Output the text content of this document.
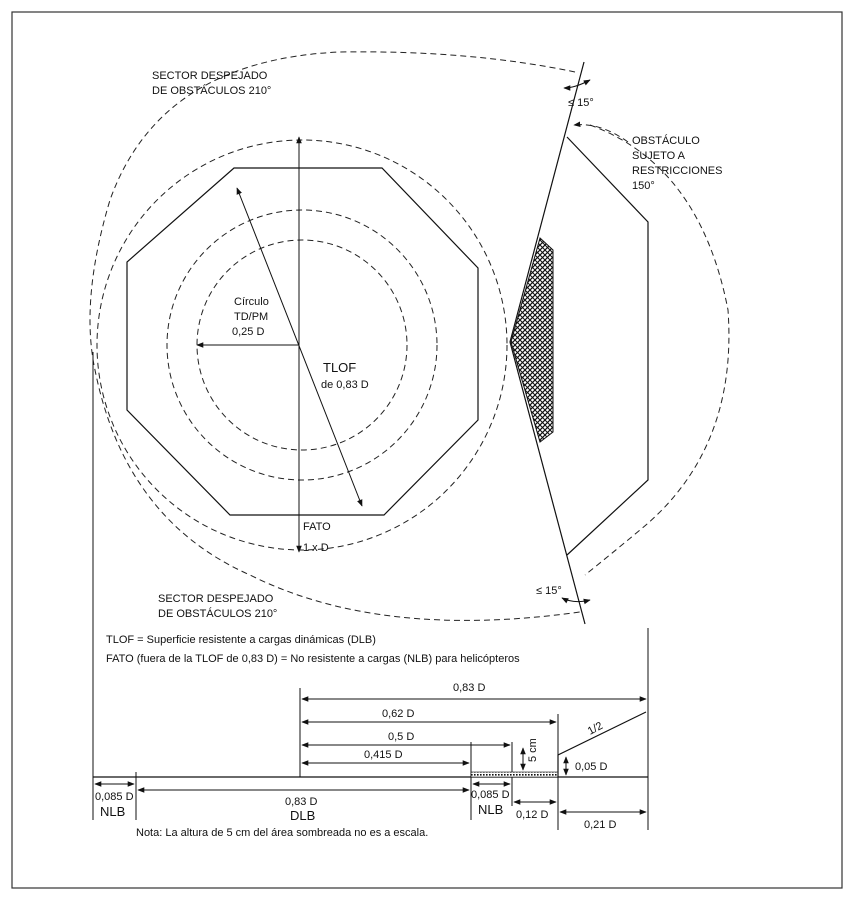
SECTOR DESPEJADO
DE OBSTÁCULOS 210°
≤ 15°
OBSTÁCULO
SUJETO A
RESTRICCIONES
150°
Círculo
TD/PM
0,25 D
TLOF
de 0,83 D
FATO
1 x D
SECTOR DESPEJADO
DE OBSTÁCULOS 210°
≤ 15°
TLOF = Superficie resistente a cargas dinámicas (DLB)
FATO (fuera de la TLOF de 0,83 D) = No resistente a cargas (NLB) para helicópteros
0,83 D
0,62 D
0,5 D
0,415 D	5 cm
1/2
0,05 D
0,085 D
NLB
0,83 D
DLB
0,085 D
NLB 0,12 D
0,21 D
Nota: La altura de 5 cm del área sombreada no es a escala.
